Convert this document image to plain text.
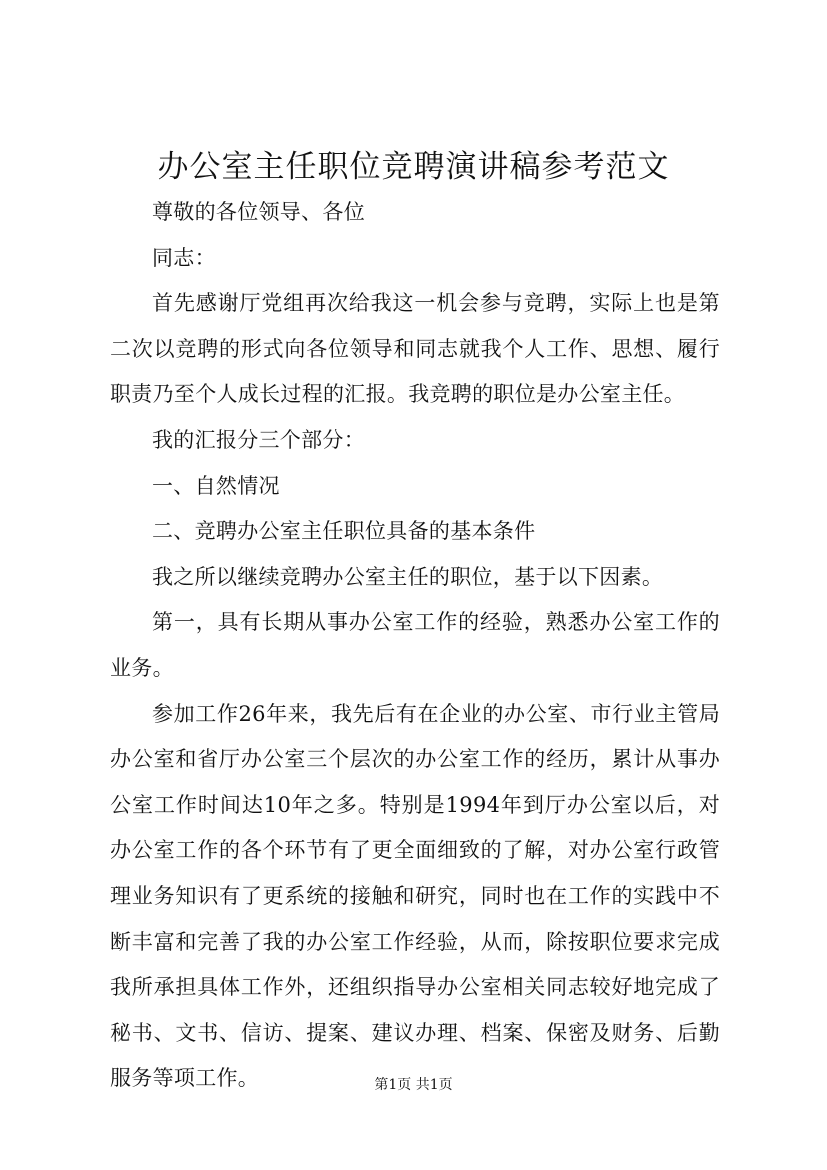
办公室主任职位竞聘演讲稿参考范文

尊敬的各位领导、各位

同志：

首先感谢厅党组再次给我这一机会参与竞聘，实际上也是第二次以竞聘的形式向各位领导和同志就我个人工作、思想、履行职责乃至个人成长过程的汇报。我竞聘的职位是办公室主任。

我的汇报分三个部分：

一、自然情况

二、竞聘办公室主任职位具备的基本条件

我之所以继续竞聘办公室主任的职位，基于以下因素。

第一，具有长期从事办公室工作的经验，熟悉办公室工作的业务。

参加工作26年来，我先后有在企业的办公室、市行业主管局办公室和省厅办公室三个层次的办公室工作的经历，累计从事办公室工作时间达10年之多。特别是1994年到厅办公室以后，对办公室工作的各个环节有了更全面细致的了解，对办公室行政管理业务知识有了更系统的接触和研究，同时也在工作的实践中不断丰富和完善了我的办公室工作经验，从而，除按职位要求完成我所承担具体工作外，还组织指导办公室相关同志较好地完成了秘书、文书、信访、提案、建议办理、档案、保密及财务、后勤服务等项工作。	第1页 共1页
